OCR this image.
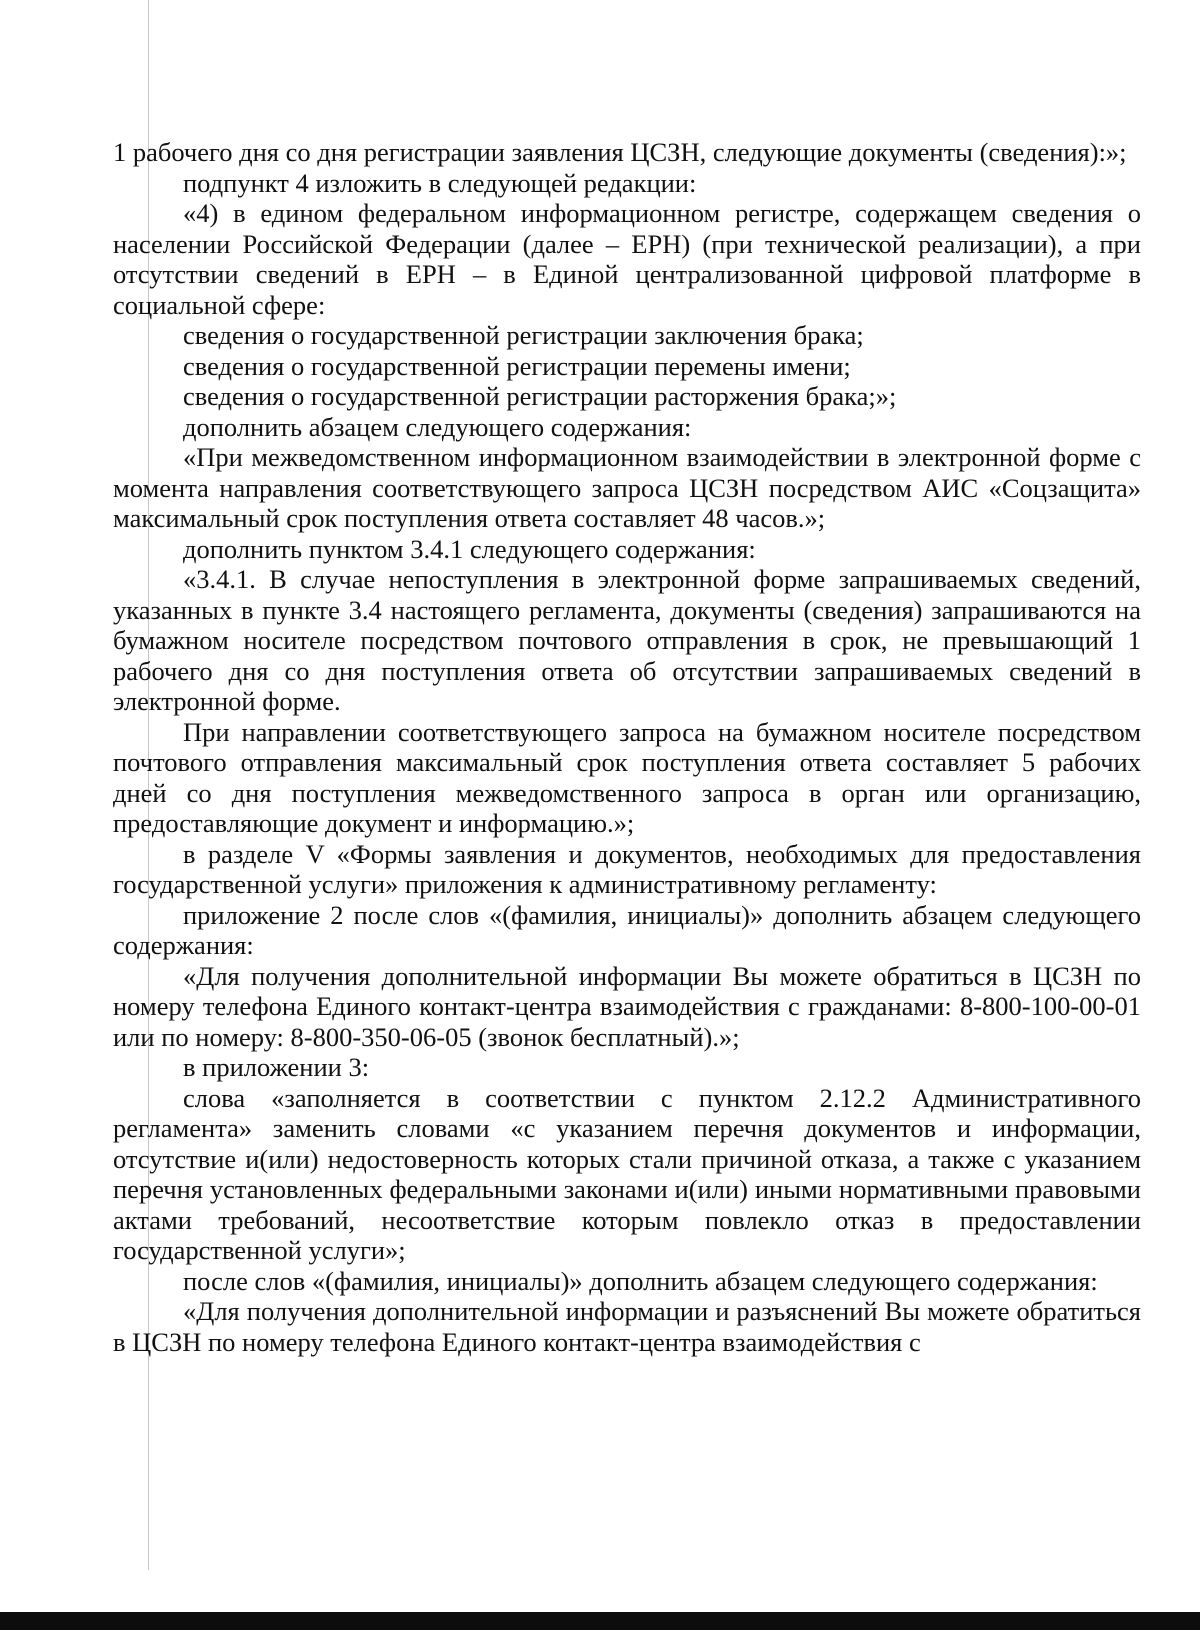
1 рабочего дня со дня регистрации заявления ЦСЗН, следующие документы (сведения):»;

подпункт 4 изложить в следующей редакции:

«4) в едином федеральном информационном регистре, содержащем сведения о населении Российской Федерации (далее – ЕРН) (при технической реализации), а при отсутствии сведений в ЕРН – в Единой централизованной цифровой платформе в социальной сфере:

сведения о государственной регистрации заключения брака;

сведения о государственной регистрации перемены имени;

сведения о государственной регистрации расторжения брака;»;

дополнить абзацем следующего содержания:

«При межведомственном информационном взаимодействии в электронной форме с момента направления соответствующего запроса ЦСЗН посредством АИС «Соцзащита» максимальный срок поступления ответа составляет 48 часов.»;

дополнить пунктом 3.4.1 следующего содержания:

«3.4.1. В случае непоступления в электронной форме запрашиваемых сведений, указанных в пункте 3.4 настоящего регламента, документы (сведения) запрашиваются на бумажном носителе посредством почтового отправления в срок, не превышающий 1 рабочего дня со дня поступления ответа об отсутствии запрашиваемых сведений в электронной форме.

При направлении соответствующего запроса на бумажном носителе посредством почтового отправления максимальный срок поступления ответа составляет 5 рабочих дней со дня поступления межведомственного запроса в орган или организацию, предоставляющие документ и информацию.»;

в разделе V «Формы заявления и документов, необходимых для предоставления государственной услуги» приложения к административному регламенту:

приложение 2 после слов «(фамилия, инициалы)» дополнить абзацем следующего содержания:

«Для получения дополнительной информации Вы можете обратиться в ЦСЗН по номеру телефона Единого контакт-центра взаимодействия с гражданами: 8-800-100-00-01 или по номеру: 8-800-350-06-05 (звонок бесплатный).»;

в приложении 3:

слова «заполняется в соответствии с пунктом 2.12.2 Административного регламента» заменить словами «с указанием перечня документов и информации, отсутствие и(или) недостоверность которых стали причиной отказа, а также с указанием перечня установленных федеральными законами и(или) иными нормативными правовыми актами требований, несоответствие которым повлекло отказ в предоставлении государственной услуги»;

после слов «(фамилия, инициалы)» дополнить абзацем следующего содержания:

«Для получения дополнительной информации и разъяснений Вы можете обратиться в ЦСЗН по номеру телефона Единого контакт-центра взаимодействия с
